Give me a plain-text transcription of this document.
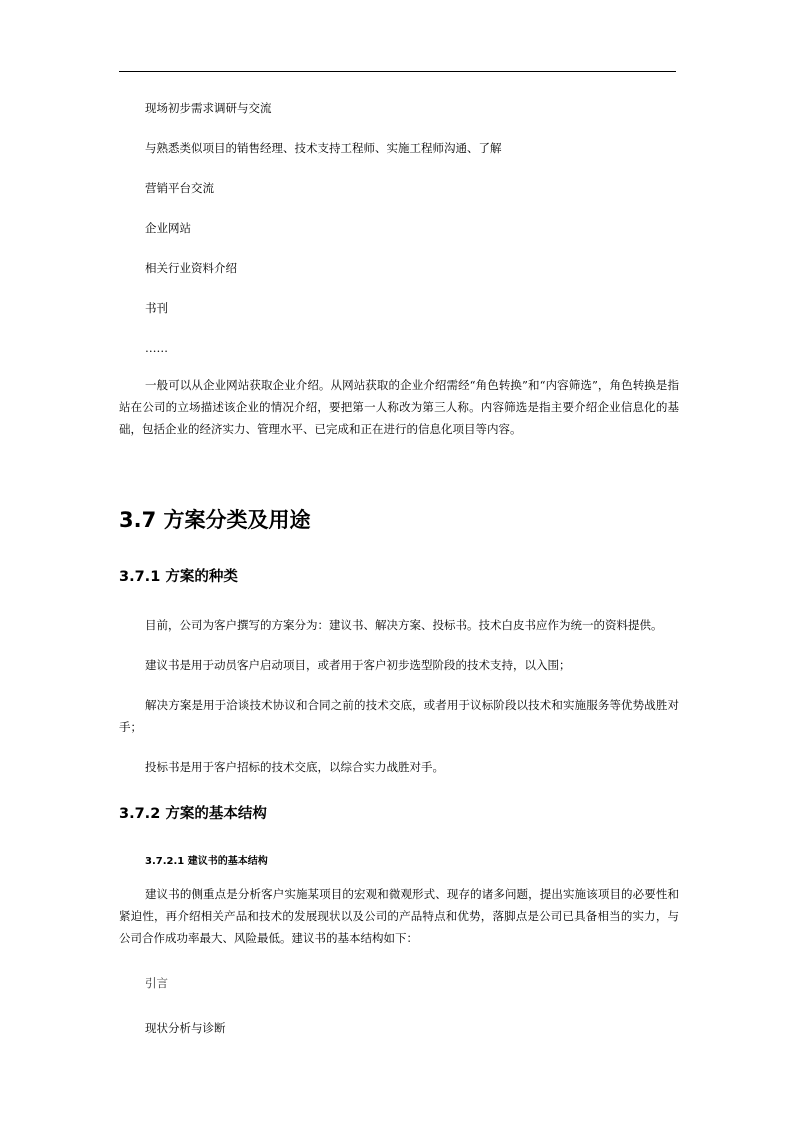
现场初步需求调研与交流
与熟悉类似项目的销售经理、技术支持工程师、实施工程师沟通、了解
营销平台交流
企业网站
相关行业资料介绍
书刊
……

一般可以从企业网站获取企业介绍。从网站获取的企业介绍需经“角色转换”和“内容筛选”，角色转换是指站在公司的立场描述该企业的情况介绍，要把第一人称改为第三人称。内容筛选是指主要介绍企业信息化的基础，包括企业的经济实力、管理水平、已完成和正在进行的信息化项目等内容。

3.7 方案分类及用途
3.7.1 方案的种类

目前，公司为客户撰写的方案分为：建议书、解决方案、投标书。技术白皮书应作为统一的资料提供。

建议书是用于动员客户启动项目，或者用于客户初步选型阶段的技术支持，以入围；

解决方案是用于洽谈技术协议和合同之前的技术交底，或者用于议标阶段以技术和实施服务等优势战胜对手；

投标书是用于客户招标的技术交底，以综合实力战胜对手。

3.7.2 方案的基本结构
3.7.2.1 建议书的基本结构

建议书的侧重点是分析客户实施某项目的宏观和微观形式、现存的诸多问题，提出实施该项目的必要性和紧迫性，再介绍相关产品和技术的发展现状以及公司的产品特点和优势，落脚点是公司已具备相当的实力，与公司合作成功率最大、风险最低。建议书的基本结构如下：

引言
现状分析与诊断
